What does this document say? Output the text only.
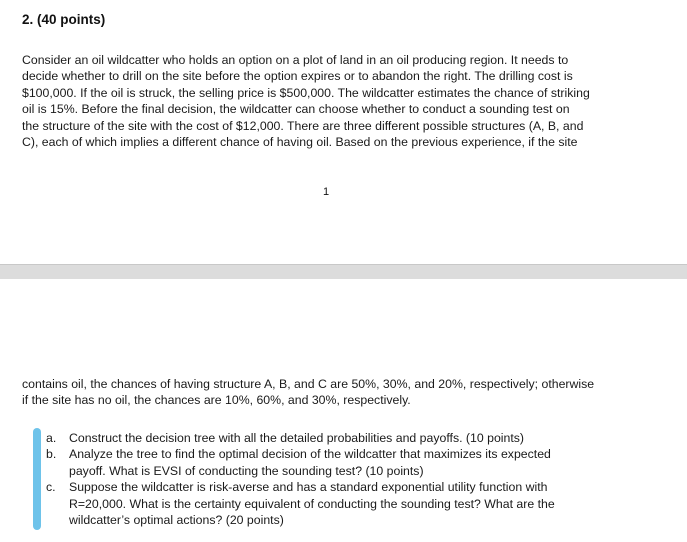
2. (40 points)
Consider an oil wildcatter who holds an option on a plot of land in an oil producing region. It needs to
decide whether to drill on the site before the option expires or to abandon the right. The drilling cost is
$100,000. If the oil is struck, the selling price is $500,000. The wildcatter estimates the chance of striking
oil is 15%. Before the final decision, the wildcatter can choose whether to conduct a sounding test on
the structure of the site with the cost of $12,000. There are three different possible structures (A, B, and
C), each of which implies a different chance of having oil. Based on the previous experience, if the site
1
contains oil, the chances of having structure A, B, and C are 50%, 30%, and 20%, respectively; otherwise
if the site has no oil, the chances are 10%, 60%, and 30%, respectively.
a. Construct the decision tree with all the detailed probabilities and payoffs. (10 points)
b. Analyze the tree to find the optimal decision of the wildcatter that maximizes its expected
payoff. What is EVSI of conducting the sounding test? (10 points)
c. Suppose the wildcatter is risk-averse and has a standard exponential utility function with
R=20,000. What is the certainty equivalent of conducting the sounding test? What are the
wildcatter’s optimal actions? (20 points)
